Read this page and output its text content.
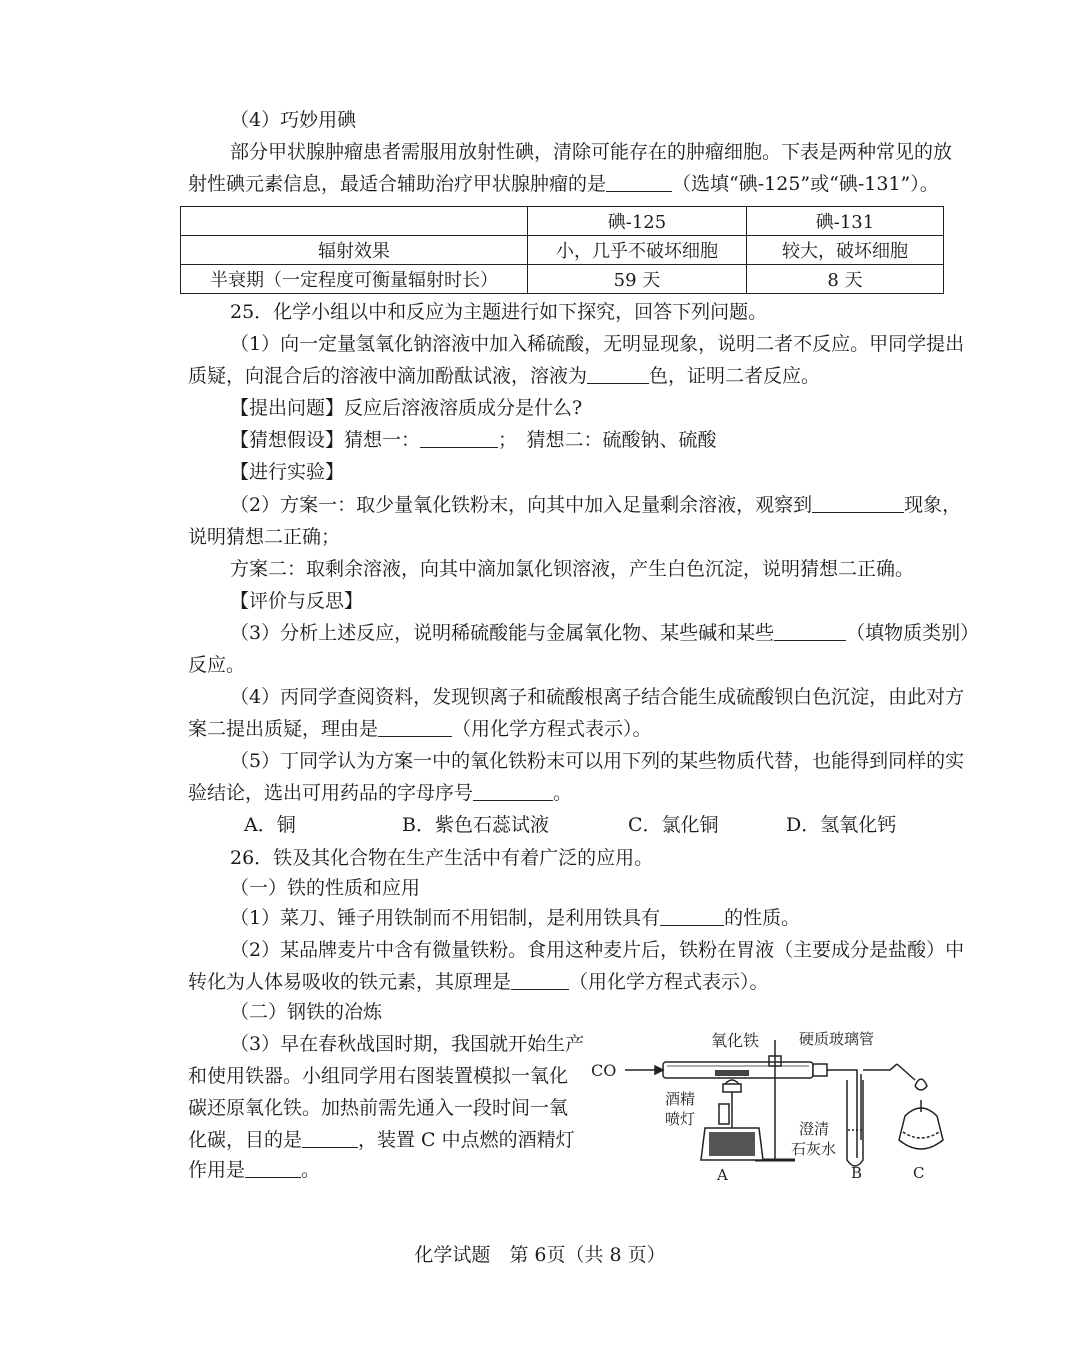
（4）巧妙用碘
部分甲状腺肿瘤患者需服用放射性碘，清除可能存在的肿瘤细胞。下表是两种常见的放
射性碘元素信息，最适合辅助治疗甲状腺肿瘤的是	（选填“碘-125”或“碘-131”）。
	碘-125	碘-131
辐射效果	小，几乎不破坏细胞	较大，破坏细胞
半衰期（一定程度可衡量辐射时长）	59 天	8 天
25．化学小组以中和反应为主题进行如下探究，回答下列问题。
（1）向一定量氢氧化钠溶液中加入稀硫酸，无明显现象，说明二者不反应。甲同学提出
质疑，向混合后的溶液中滴加酚酞试液，溶液为	色，证明二者反应。
【提出问题】反应后溶液溶质成分是什么?
【猜想假设】猜想一：	；　猜想二：硫酸钠、硫酸
【进行实验】
（2）方案一：取少量氧化铁粉末，向其中加入足量剩余溶液，观察到	现象，
说明猜想二正确；
方案二：取剩余溶液，向其中滴加氯化钡溶液，产生白色沉淀，说明猜想二正确。
【评价与反思】
（3）分析上述反应，说明稀硫酸能与金属氧化物、某些碱和某些	（填物质类别）
反应。
（4）丙同学查阅资料，发现钡离子和硫酸根离子结合能生成硫酸钡白色沉淀，由此对方
案二提出质疑，理由是	（用化学方程式表示）。
（5）丁同学认为方案一中的氧化铁粉末可以用下列的某些物质代替，也能得到同样的实
验结论，选出可用药品的字母序号	。
A．铜	B．紫色石蕊试液	C．氯化铜	D．氢氧化钙
26．铁及其化合物在生产生活中有着广泛的应用。
（一）铁的性质和应用
（1）菜刀、锤子用铁制而不用铝制，是利用铁具有	的性质。
（2）某品牌麦片中含有微量铁粉。食用这种麦片后，铁粉在胃液（主要成分是盐酸）中
转化为人体易吸收的铁元素，其原理是	（用化学方程式表示）。
（二）钢铁的冶炼
（3）早在春秋战国时期，我国就开始生产
和使用铁器。小组同学用右图装置模拟一氧化
碳还原氧化铁。加热前需先通入一段时间一氧
化碳，目的是	，装置 C 中点燃的酒精灯
作用是	。
CO
氧化铁	硬质玻璃管
酒精
喷灯
澄清
石灰水
A	B	C
化学试题　第 6页（共 8 页）
